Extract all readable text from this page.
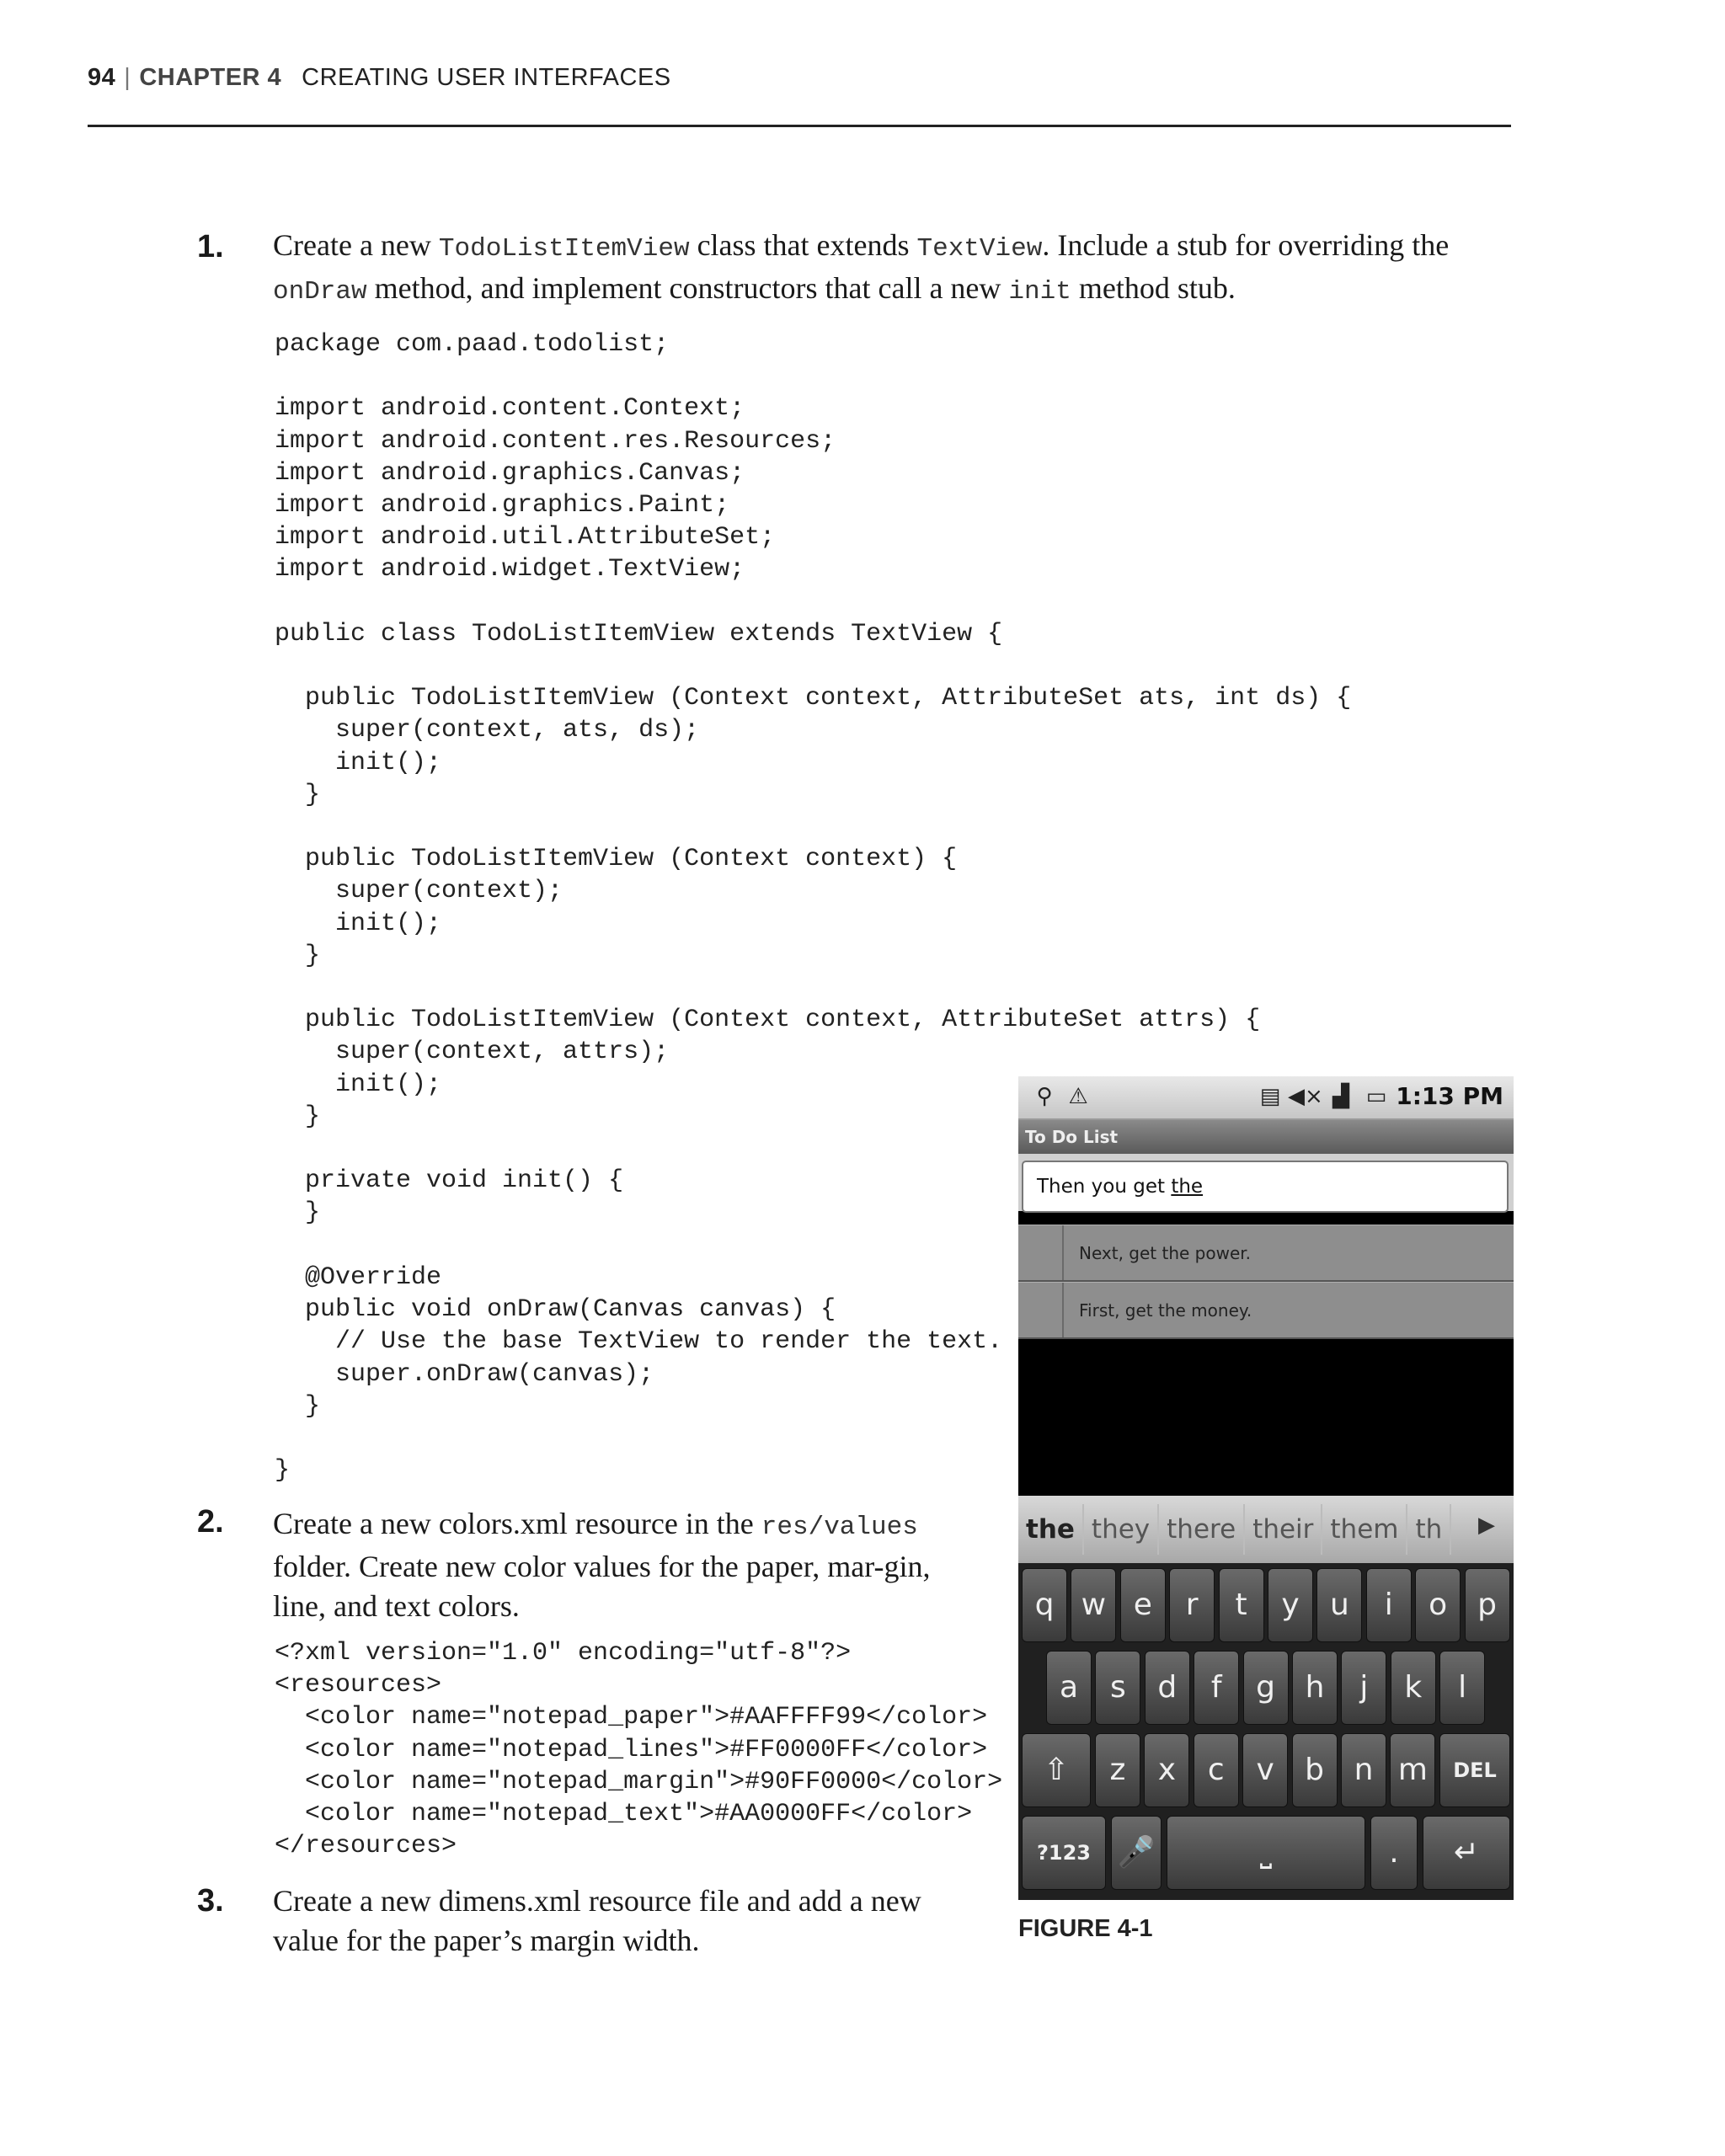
94 | CHAPTER 4 CREATING USER INTERFACES
1.	Create a new TodoListItemView class that extends TextView. Include a stub for overriding the onDraw method, and implement constructors that call a new init method stub.
package com.paad.todolist;

import android.content.Context;
import android.content.res.Resources;
import android.graphics.Canvas;
import android.graphics.Paint;
import android.util.AttributeSet;
import android.widget.TextView;

public class TodoListItemView extends TextView {

public TodoListItemView (Context context, AttributeSet ats, int ds) {
super(context, ats, ds);
init();
}

public TodoListItemView (Context context) {
super(context);
init();
}

public TodoListItemView (Context context, AttributeSet attrs) {
super(context, attrs);
init();
}

private void init() {
}

@Override
public void onDraw(Canvas canvas) {
// Use the base TextView to render the text.
super.onDraw(canvas);
}

}
2.	Create a new colors.xml resource in the res/values folder. Create new color values for the paper, mar-gin, line, and text colors.
<?xml version="1.0" encoding="utf-8"?>
<resources>
<color name="notepad_paper">#AAFFFF99</color>
<color name="notepad_lines">#FF0000FF</color>
<color name="notepad_margin">#90FF0000</color>
<color name="notepad_text">#AA0000FF</color>
</resources>
3.	Create a new dimens.xml resource file and add a new value for the paper’s margin width.
⚲ ⚠	▤ ◀× ▟ ▭ 1:13 PM
To Do List
Then you get the
Next, get the power.
First, get the money.
the they there their them th	▶
q w e	r	t	y	u	i	o p
a	s	d	f	g h	j	k	l
⇧	z	x	c	v	b n m	DEL
?123 🎤	⎵	.	↵
FIGURE 4-1
